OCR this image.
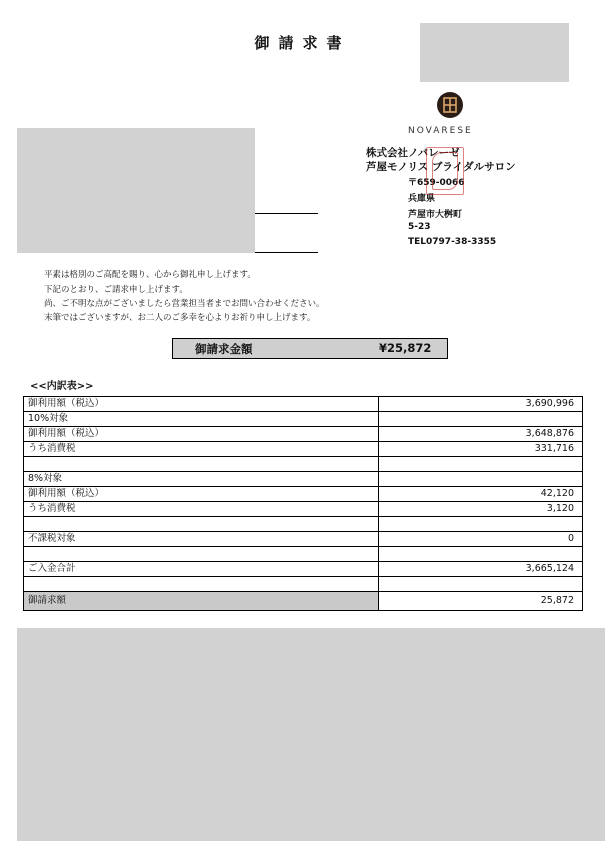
御請求書
NOVARESE
株式会社ノバレーゼ
芦屋モノリス ブライダルサロン
〒659-0066
兵庫県
芦屋市大桝町
5-23
TEL0797-38-3355
平素は格別のご高配を賜り、心から御礼申し上げます。
下記のとおり、ご請求申し上げます。
尚、ご不明な点がございましたら営業担当者までお問い合わせください。
末筆ではございますが、お二人のご多幸を心よりお祈り申し上げます。
御請求金額	¥25,872
<<内訳表>>
御利用額（税込）	3,690,996
10%対象	
御利用額（税込）	3,648,876
うち消費税	331,716

8%対象	
御利用額（税込）	42,120
うち消費税	3,120

不課税対象	0

ご入金合計	3,665,124

御請求額	25,872
